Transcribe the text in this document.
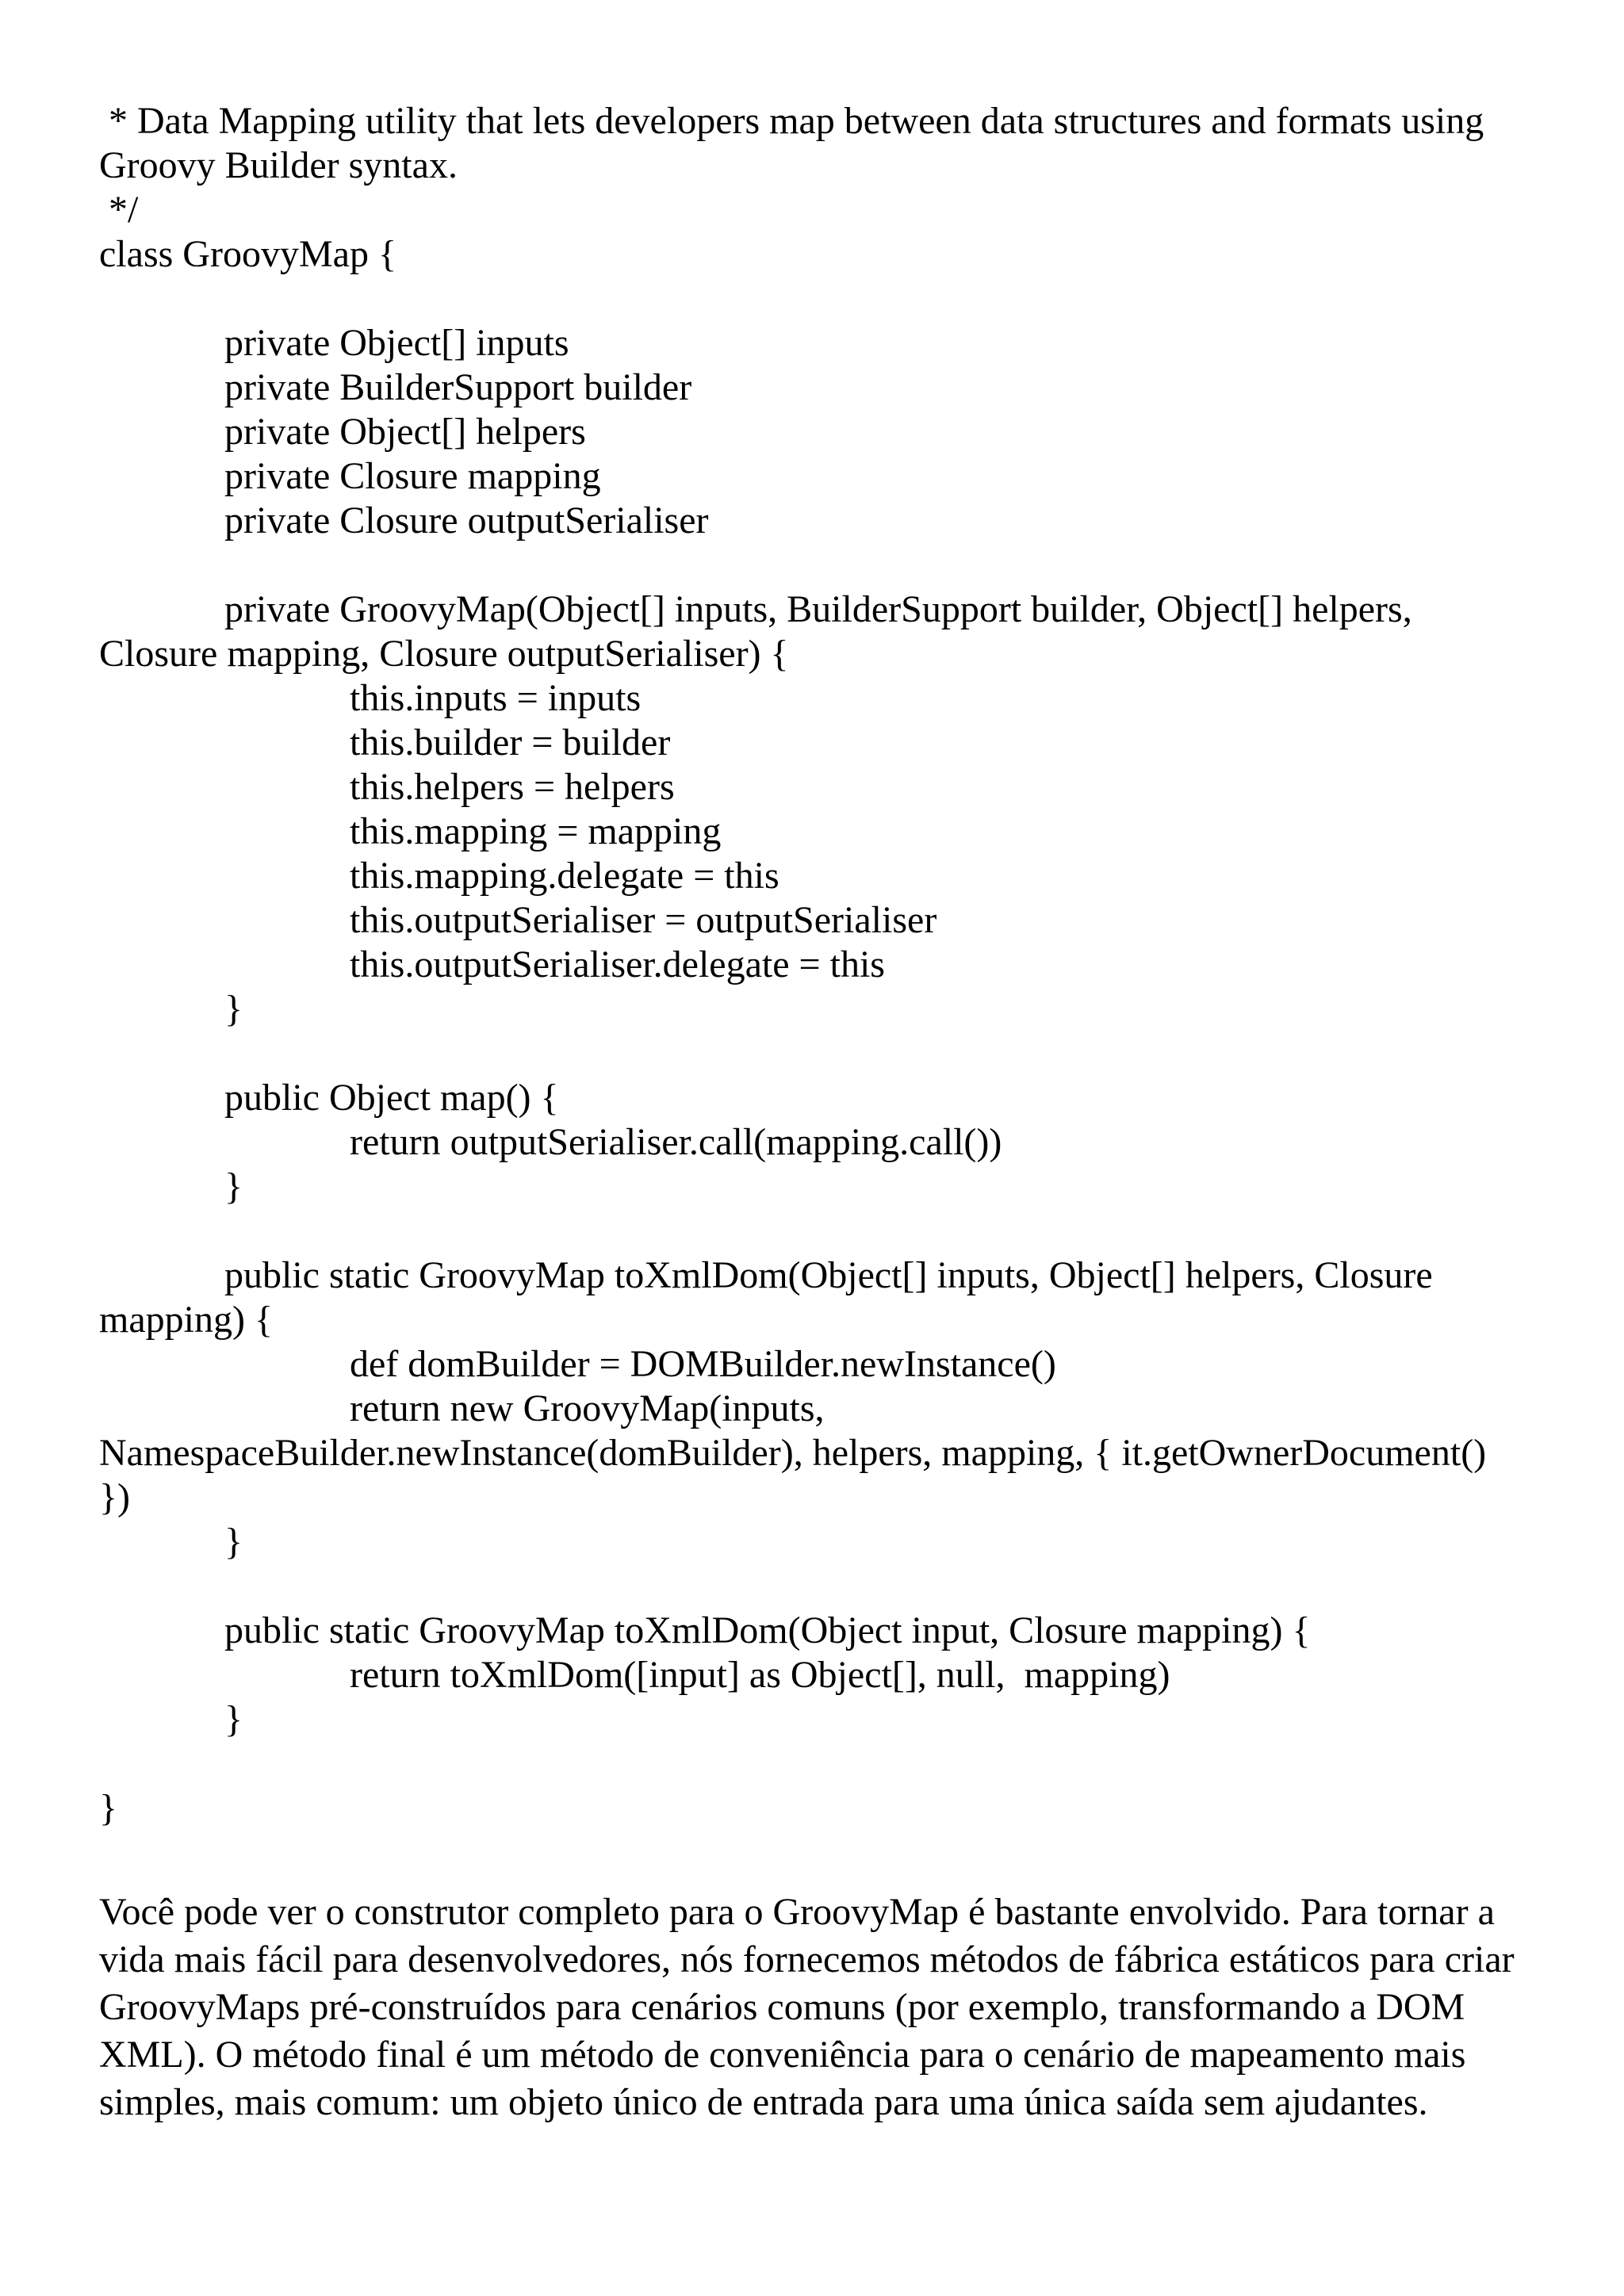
* Data Mapping utility that lets developers map between data structures and formats using

Groovy Builder syntax.

*/

class GroovyMap {

private Object[] inputs

private BuilderSupport builder

private Object[] helpers

private Closure mapping

private Closure outputSerialiser

private GroovyMap(Object[] inputs, BuilderSupport builder, Object[] helpers,

Closure mapping, Closure outputSerialiser) {

this.inputs = inputs

this.builder = builder

this.helpers = helpers

this.mapping = mapping

this.mapping.delegate = this

this.outputSerialiser = outputSerialiser

this.outputSerialiser.delegate = this

}

public Object map() {

return outputSerialiser.call(mapping.call())

}

public static GroovyMap toXmlDom(Object[] inputs, Object[] helpers, Closure

mapping) {

def domBuilder = DOMBuilder.newInstance()

return new GroovyMap(inputs,

NamespaceBuilder.newInstance(domBuilder), helpers, mapping, { it.getOwnerDocument()

})

}

public static GroovyMap toXmlDom(Object input, Closure mapping) {

return toXmlDom([input] as Object[], null,  mapping)

}

}

Você pode ver o construtor completo para o GroovyMap é bastante envolvido. Para tornar a
vida mais fácil para desenvolvedores, nós fornecemos métodos de fábrica estáticos para criar
GroovyMaps pré-construídos para cenários comuns (por exemplo, transformando a DOM
XML). O método final é um método de conveniência para o cenário de mapeamento mais
simples, mais comum: um objeto único de entrada para uma única saída sem ajudantes.
